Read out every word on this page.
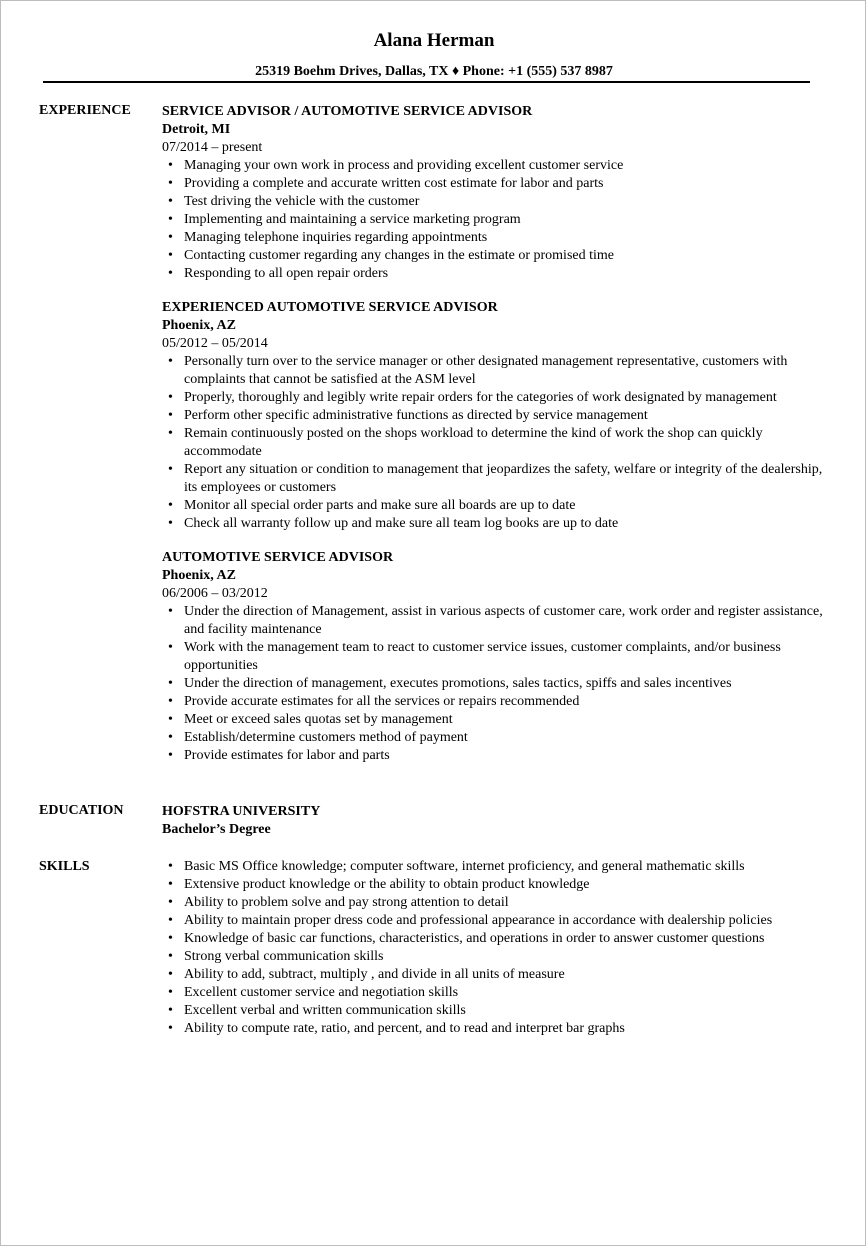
Alana Herman
25319 Boehm Drives, Dallas, TX ♦ Phone: +1 (555) 537 8987
EXPERIENCE SERVICE ADVISOR / AUTOMOTIVE SERVICE ADVISOR
Detroit, MI
07/2014 – present
• Managing your own work in process and providing excellent customer service
• Providing a complete and accurate written cost estimate for labor and parts
• Test driving the vehicle with the customer
• Implementing and maintaining a service marketing program
• Managing telephone inquiries regarding appointments
• Contacting customer regarding any changes in the estimate or promised time
• Responding to all open repair orders
EXPERIENCED AUTOMOTIVE SERVICE ADVISOR
Phoenix, AZ
05/2012 – 05/2014
• Personally turn over to the service manager or other designated management representative, customers with complaints that cannot be satisfied at the ASM level
• Properly, thoroughly and legibly write repair orders for the categories of work designated by management
• Perform other specific administrative functions as directed by service management
• Remain continuously posted on the shops workload to determine the kind of work the shop can quickly accommodate
• Report any situation or condition to management that jeopardizes the safety, welfare or integrity of the dealership, its employees or customers
• Monitor all special order parts and make sure all boards are up to date
• Check all warranty follow up and make sure all team log books are up to date
AUTOMOTIVE SERVICE ADVISOR
Phoenix, AZ
06/2006 – 03/2012
• Under the direction of Management, assist in various aspects of customer care, work order and register assistance, and facility maintenance
• Work with the management team to react to customer service issues, customer complaints, and/or business opportunities
• Under the direction of management, executes promotions, sales tactics, spiffs and sales incentives
• Provide accurate estimates for all the services or repairs recommended
• Meet or exceed sales quotas set by management
• Establish/determine customers method of payment
• Provide estimates for labor and parts
EDUCATION	HOFSTRA UNIVERSITY
Bachelor’s Degree
SKILLS
•	Basic MS Office knowledge; computer software, internet proficiency, and general mathematic skills
• Extensive product knowledge or the ability to obtain product knowledge
• Ability to problem solve and pay strong attention to detail
• Ability to maintain proper dress code and professional appearance in accordance with dealership policies
• Knowledge of basic car functions, characteristics, and operations in order to answer customer questions
• Strong verbal communication skills
• Ability to add, subtract, multiply , and divide in all units of measure
• Excellent customer service and negotiation skills
• Excellent verbal and written communication skills
• Ability to compute rate, ratio, and percent, and to read and interpret bar graphs
